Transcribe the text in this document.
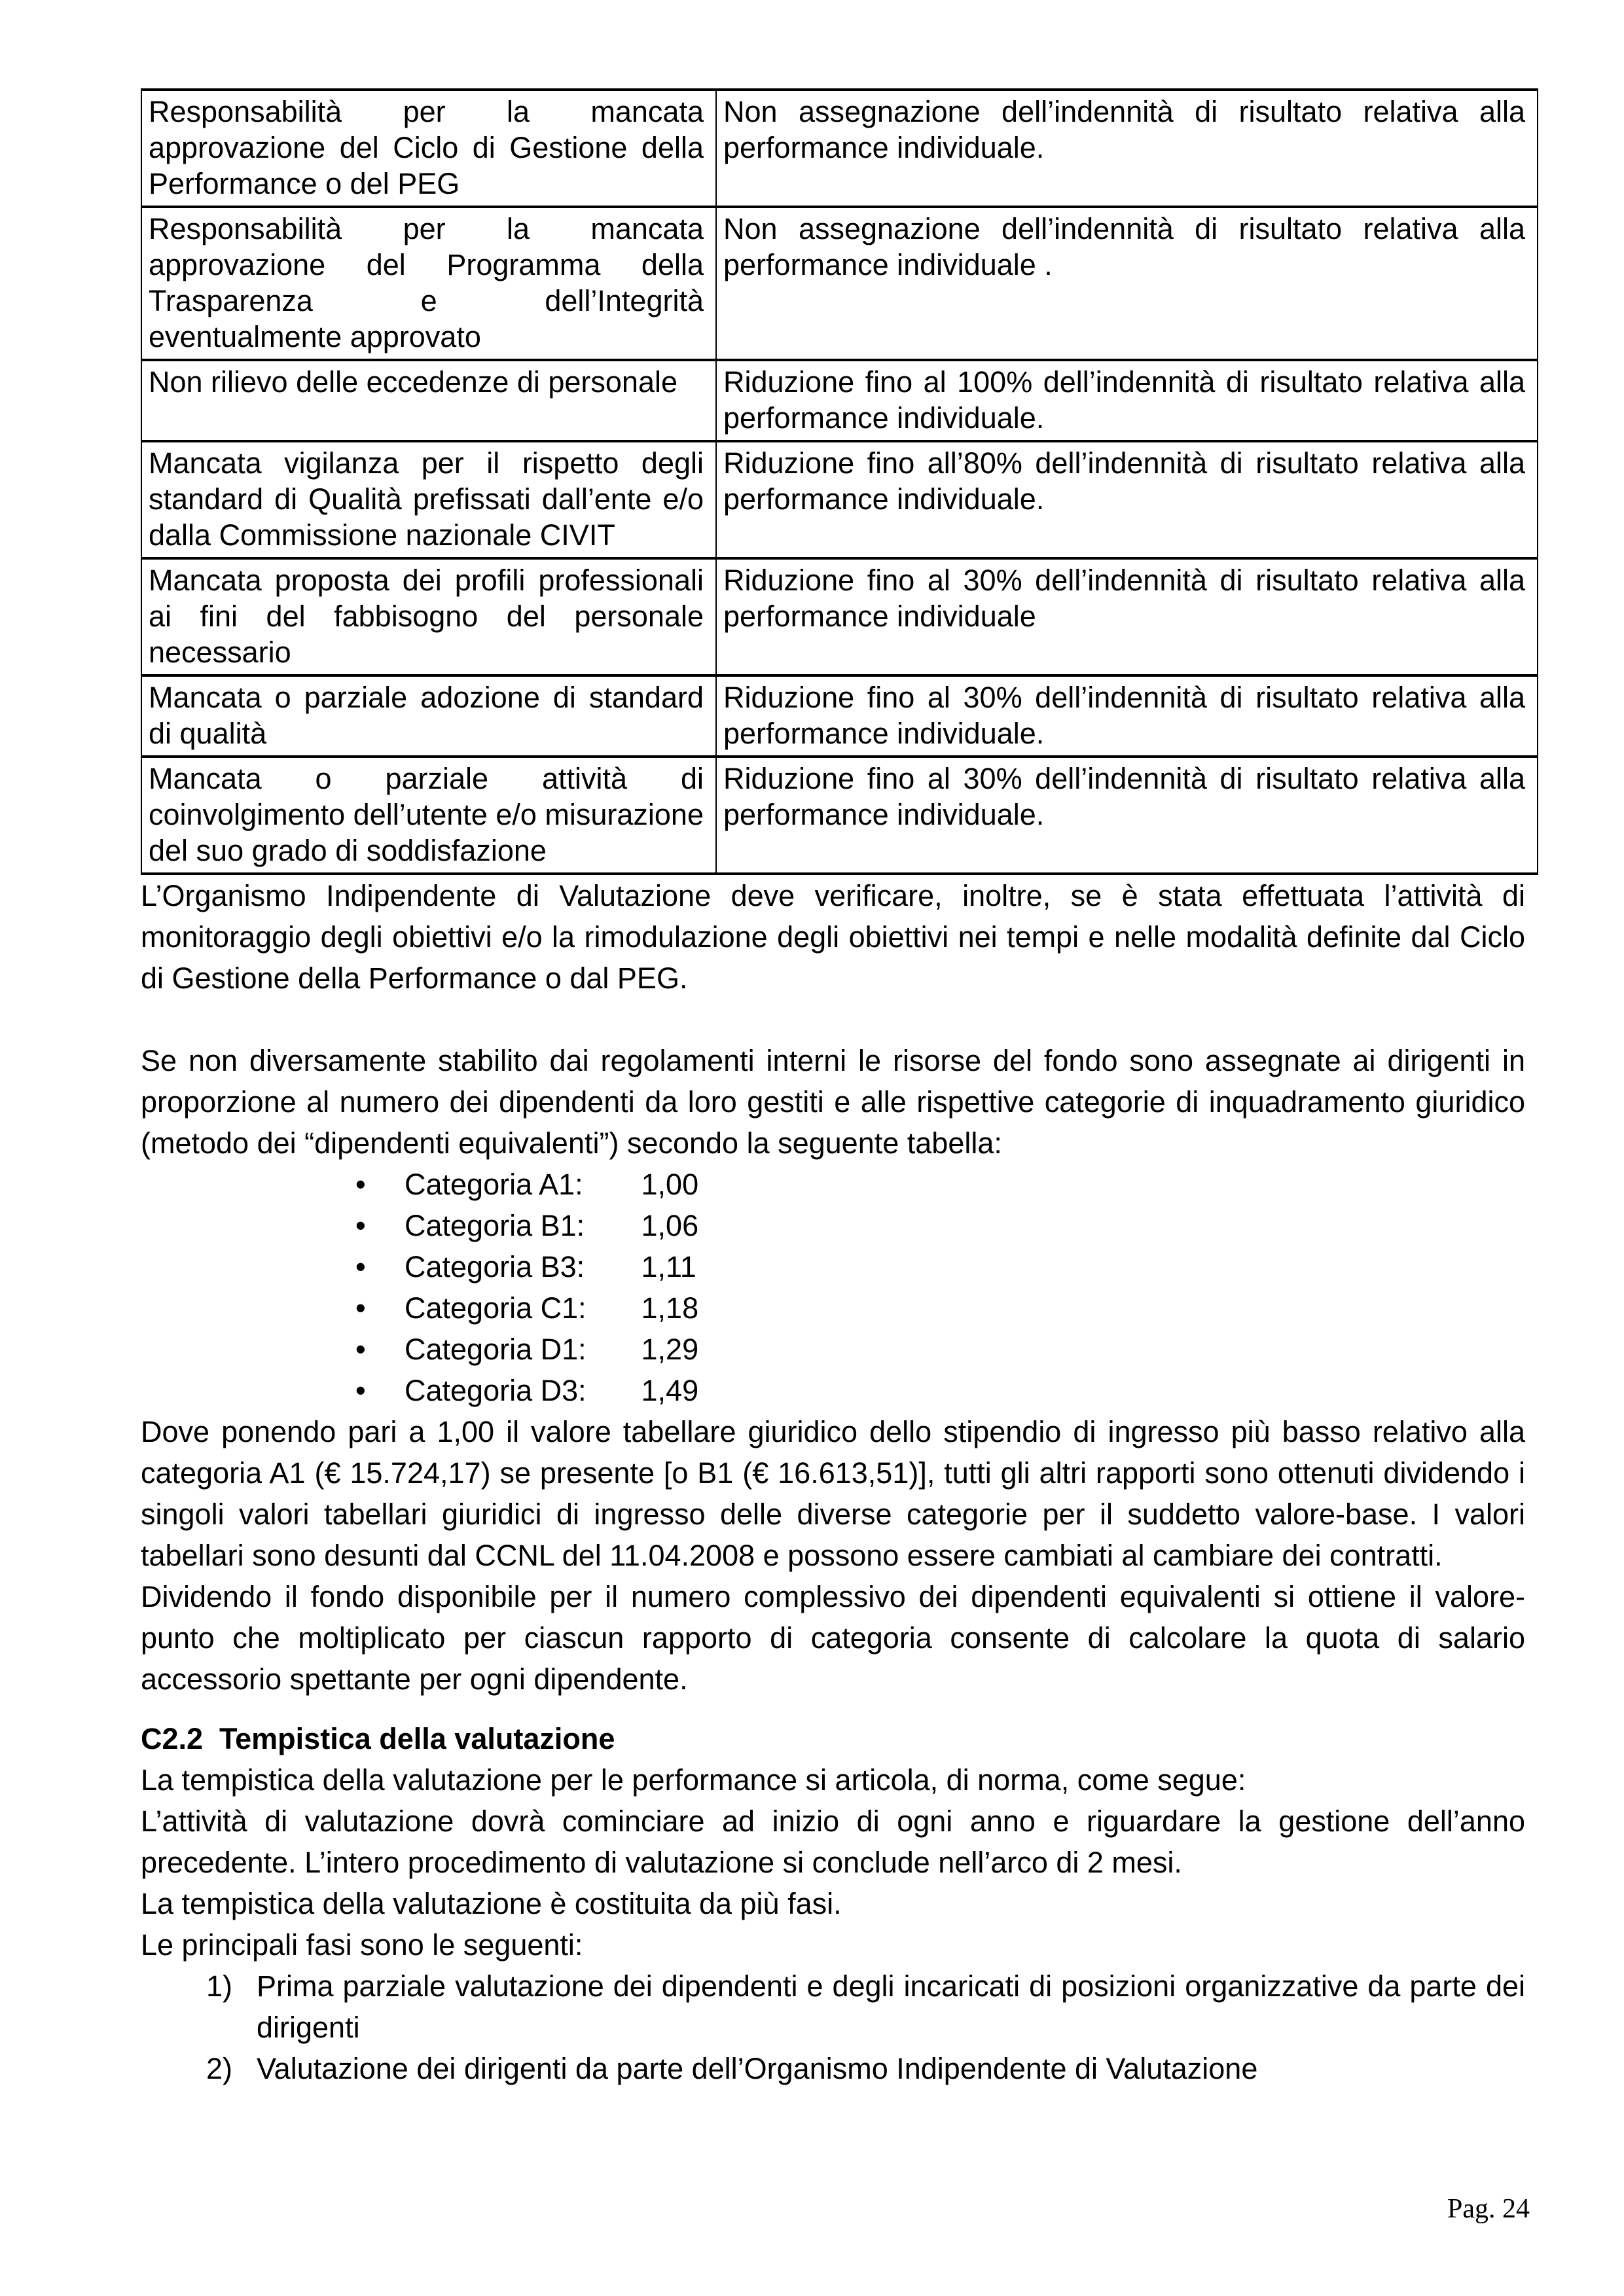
Responsabilità per la mancata approvazione del Ciclo di Gestione della Performance o del PEG	Non assegnazione dell’indennità di risultato relativa alla performance individuale.
Responsabilità per la mancata approvazione del Programma della Trasparenza e dell’Integrità eventualmente approvato	Non assegnazione dell’indennità di risultato relativa alla performance individuale .
Non rilievo delle eccedenze di personale	Riduzione fino al 100% dell’indennità di risultato relativa alla performance individuale.
Mancata vigilanza per il rispetto degli standard di Qualità prefissati dall’ente e/o dalla Commissione nazionale CIVIT	Riduzione fino all’80% dell’indennità di risultato relativa alla performance individuale.
Mancata proposta dei profili professionali ai fini del fabbisogno del personale necessario	Riduzione fino al 30% dell’indennità di risultato relativa alla performance individuale
Mancata o parziale adozione di standard di qualità	Riduzione fino al 30% dell’indennità di risultato relativa alla performance individuale.
Mancata o parziale attività di coinvolgimento dell’utente e/o misurazione del suo grado di soddisfazione	Riduzione fino al 30% dell’indennità di risultato relativa alla performance individuale.

L’Organismo Indipendente di Valutazione deve verificare, inoltre, se è stata effettuata l’attività di monitoraggio degli obiettivi e/o la rimodulazione degli obiettivi nei tempi e nelle modalità definite dal Ciclo di Gestione della Performance o dal PEG.

Se non diversamente stabilito dai regolamenti interni le risorse del fondo sono assegnate ai dirigenti in proporzione al numero dei dipendenti da loro gestiti e alle rispettive categorie di inquadramento giuridico (metodo dei “dipendenti equivalenti”) secondo la seguente tabella:

• Categoria A1: 1,00
• Categoria B1: 1,06
• Categoria B3: 1,11
• Categoria C1: 1,18
• Categoria D1: 1,29
• Categoria D3: 1,49

Dove ponendo pari a 1,00 il valore tabellare giuridico dello stipendio di ingresso più basso relativo alla categoria A1 (€ 15.724,17) se presente [o B1 (€ 16.613,51)], tutti gli altri rapporti sono ottenuti dividendo i singoli valori tabellari giuridici di ingresso delle diverse categorie per il suddetto valore-base. I valori tabellari sono desunti dal CCNL del 11.04.2008 e possono essere cambiati al cambiare dei contratti.

Dividendo il fondo disponibile per il numero complessivo dei dipendenti equivalenti si ottiene il valore-punto che moltiplicato per ciascun rapporto di categoria consente di calcolare la quota di salario accessorio spettante per ogni dipendente.

C2.2 Tempistica della valutazione

La tempistica della valutazione per le performance si articola, di norma, come segue:

L’attività di valutazione dovrà cominciare ad inizio di ogni anno e riguardare la gestione dell’anno precedente. L’intero procedimento di valutazione si conclude nell’arco di 2 mesi.

La tempistica della valutazione è costituita da più fasi.

Le principali fasi sono le seguenti:

1) Prima parziale valutazione dei dipendenti e degli incaricati di posizioni organizzative da parte dei dirigenti
2) Valutazione dei dirigenti da parte dell’Organismo Indipendente di Valutazione
Pag. 24
